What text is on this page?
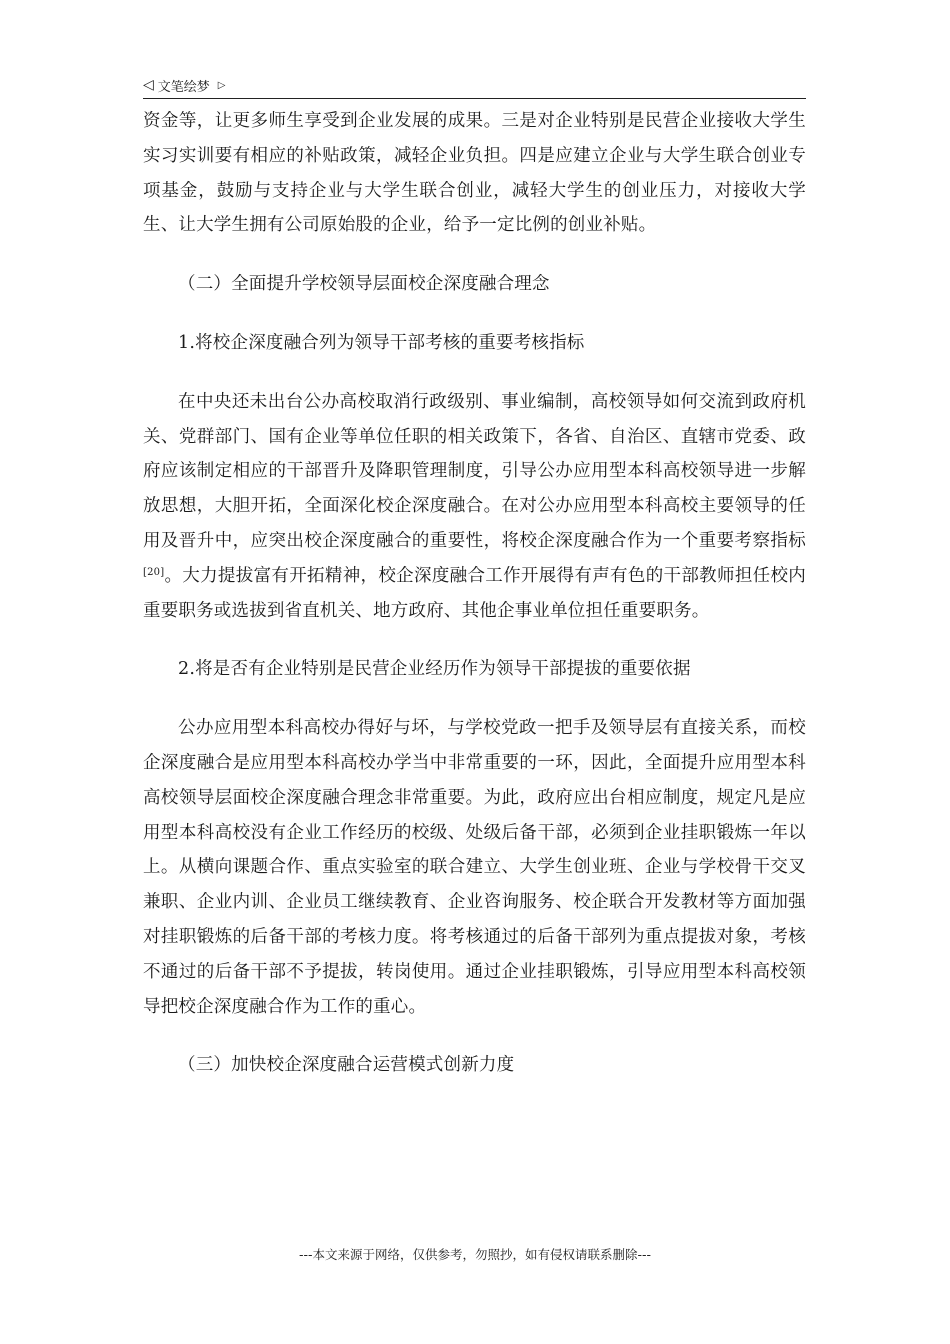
◁ 文笔绘梦 ▷

资金等，让更多师生享受到企业发展的成果。三是对企业特别是民营企业接收大学生实习实训要有相应的补贴政策，减轻企业负担。四是应建立企业与大学生联合创业专项基金，鼓励与支持企业与大学生联合创业，减轻大学生的创业压力，对接收大学生、让大学生拥有公司原始股的企业，给予一定比例的创业补贴。

（二）全面提升学校领导层面校企深度融合理念

1.将校企深度融合列为领导干部考核的重要考核指标

在中央还未出台公办高校取消行政级别、事业编制，高校领导如何交流到政府机关、党群部门、国有企业等单位任职的相关政策下，各省、自治区、直辖市党委、政府应该制定相应的干部晋升及降职管理制度，引导公办应用型本科高校领导进一步解放思想，大胆开拓，全面深化校企深度融合。在对公办应用型本科高校主要领导的任用及晋升中，应突出校企深度融合的重要性，将校企深度融合作为一个重要考察指标[20]。大力提拔富有开拓精神，校企深度融合工作开展得有声有色的干部教师担任校内重要职务或选拔到省直机关、地方政府、其他企事业单位担任重要职务。

2.将是否有企业特别是民营企业经历作为领导干部提拔的重要依据

公办应用型本科高校办得好与坏，与学校党政一把手及领导层有直接关系，而校企深度融合是应用型本科高校办学当中非常重要的一环，因此，全面提升应用型本科高校领导层面校企深度融合理念非常重要。为此，政府应出台相应制度，规定凡是应用型本科高校没有企业工作经历的校级、处级后备干部，必须到企业挂职锻炼一年以上。从横向课题合作、重点实验室的联合建立、大学生创业班、企业与学校骨干交叉兼职、企业内训、企业员工继续教育、企业咨询服务、校企联合开发教材等方面加强对挂职锻炼的后备干部的考核力度。将考核通过的后备干部列为重点提拔对象，考核不通过的后备干部不予提拔，转岗使用。通过企业挂职锻炼，引导应用型本科高校领导把校企深度融合作为工作的重心。

（三）加快校企深度融合运营模式创新力度

---本文来源于网络，仅供参考，勿照抄，如有侵权请联系删除---
